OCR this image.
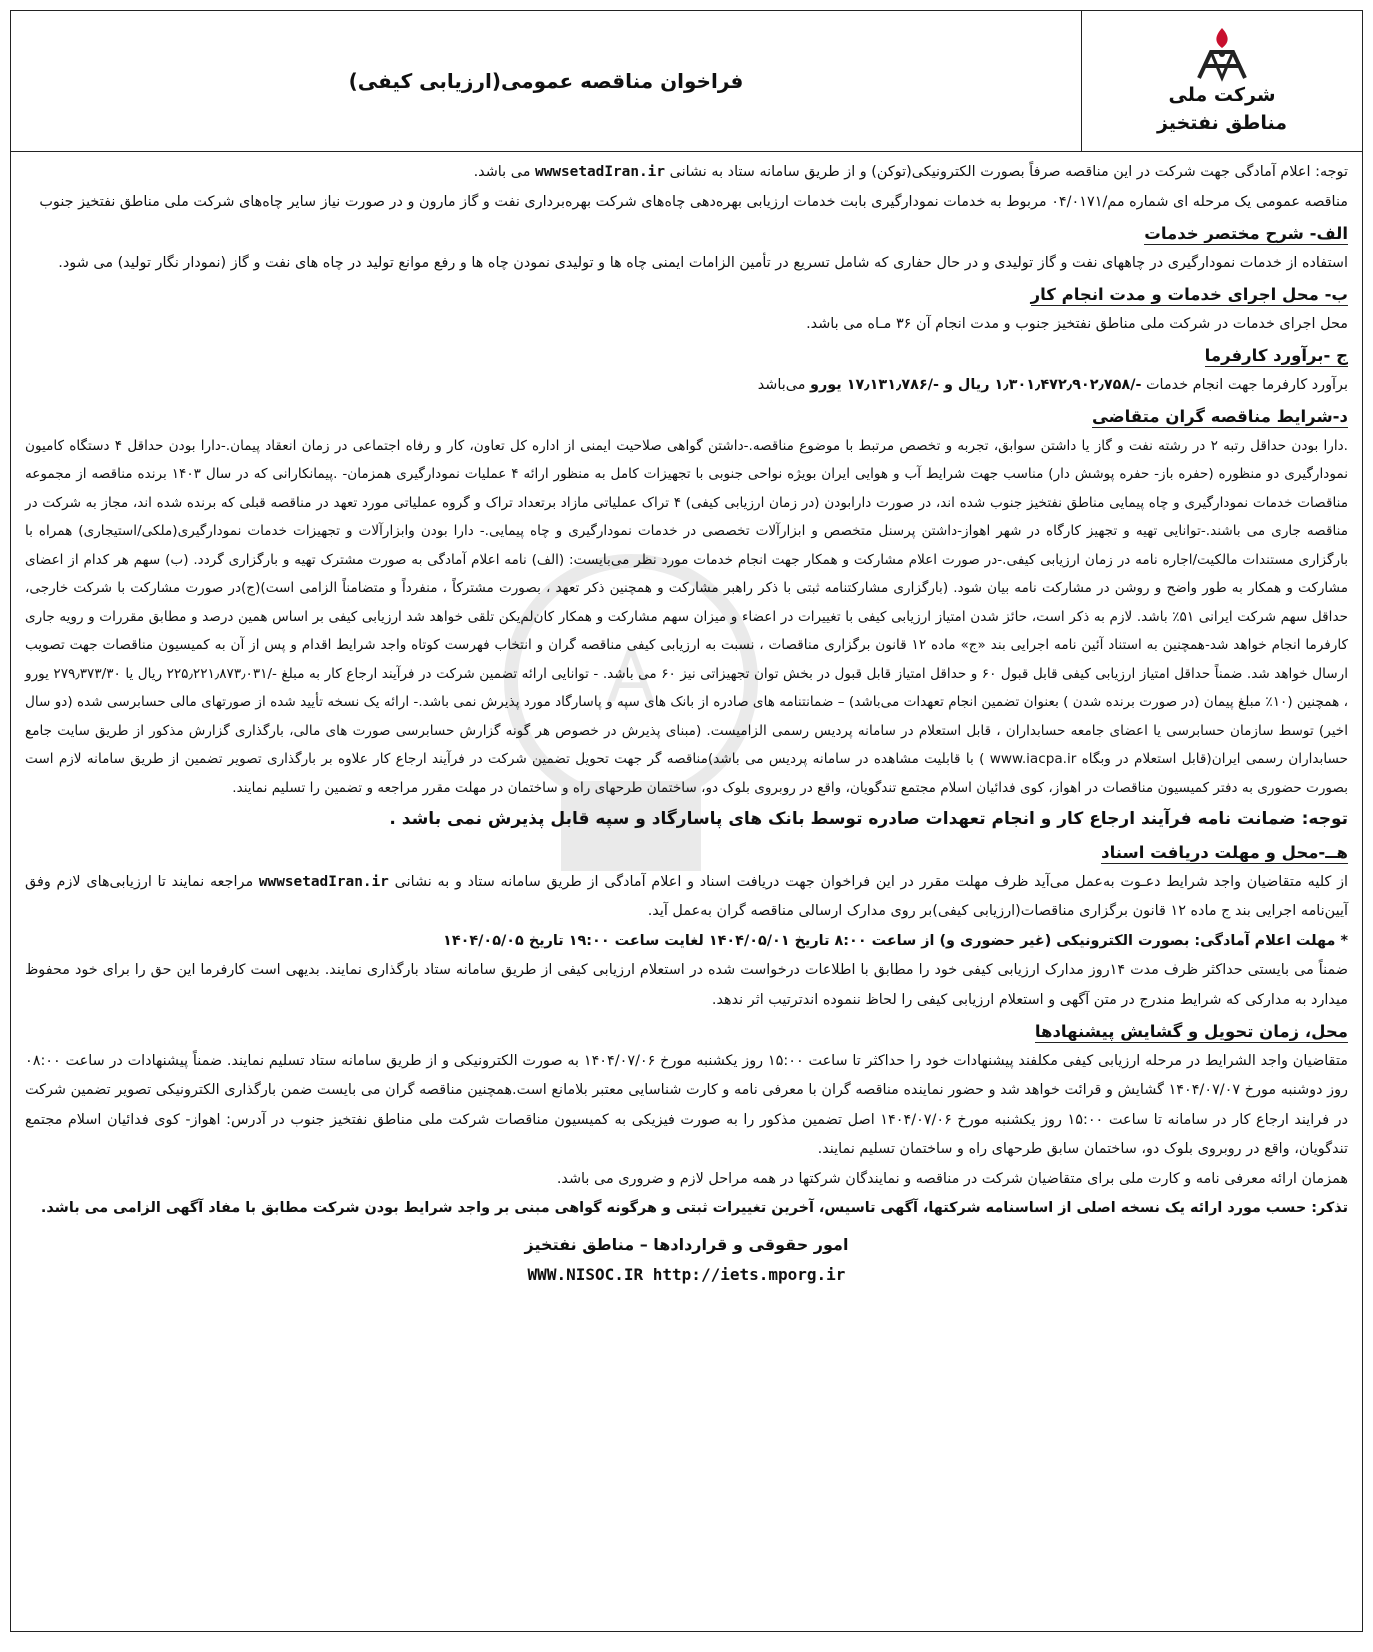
A
شرکت ملی
مناطق نفتخیز
فراخوان مناقصه عمومی(ارزیابی کیفی)

توجه: اعلام آمادگی جهت شرکت در این مناقصه صرفاً بصورت الکترونیکی(توکن) و از طریق سامانه ستاد به نشانی wwwsetadIran.ir می باشد.

مناقصه عمومی یک مرحله ای شماره مم/۰۴/۰۱۷۱ مربوط به خدمات نمودارگیری بابت خدمات ارزیابی بهره‌دهی چاه‌های شرکت بهره‌برداری نفت و گاز مارون و در صورت نیاز سایر چاه‌های شرکت ملی مناطق نفتخیز جنوب

الف- شرح مختصر خدمات

استفاده از خدمات نمودارگیری در چاههای نفت و گاز تولیدی و در حال حفاری که شامل تسریع در تأمین الزامات ایمنی چاه ها و تولیدی نمودن چاه ها و رفع موانع تولید در چاه های نفت و گاز (نمودار نگار تولید) می شود.

ب- محل اجرای خدمات و مدت انجام کار

محل اجرای خدمات در شرکت ملی مناطق نفتخیز جنوب و مدت انجام آن ۳۶ مـاه می باشد.

ج -برآورد کارفرما

برآورد کارفرما جهت انجام خدمات -/۱٫۳۰۱٫۴۷۲٫۹۰۲٫۷۵۸ ریال و -/۱۷٫۱۳۱٫۷۸۶ یورو می‌باشد

د-شرایط مناقصه گران متقاضی

.دارا بودن حداقل رتبه ۲ در رشته نفت و گاز یا داشتن سوابق، تجربه و تخصص مرتبط با موضوع مناقصه.-داشتن گواهی صلاحیت ایمنی از اداره کل تعاون، کار و رفاه اجتماعی در زمان انعقاد پیمان.-دارا بودن حداقل ۴ دستگاه کامیون نمودارگیری دو منظوره (حفره باز- حفره پوشش دار) مناسب جهت شرایط آب و هوایی ایران بویژه نواحی جنوبی با تجهیزات کامل به منظور ارائه ۴ عملیات نمودارگیری همزمان- .پیمانکارانی که در سال ۱۴۰۳ برنده مناقصه از مجموعه مناقصات خدمات نمودارگیری و چاه پیمایی مناطق نفتخیز جنوب شده اند، در صورت دارابودن (در زمان ارزیابی کیفی) ۴ تراک عملیاتی مازاد برتعداد تراک و گروه عملیاتی مورد تعهد در مناقصه قبلی که برنده شده اند، مجاز به شرکت در مناقصه جاری می باشند.-توانایی تهیه و تجهیز کارگاه در شهر اهواز-داشتن پرسنل متخصص و ابزارآلات تخصصی در خدمات نمودارگیری و چاه پیمایی.- دارا بودن وابزارآلات و تجهیزات خدمات نمودارگیری(ملکی/استیجاری) همراه با بارگزاری مستندات مالکیت/اجاره نامه در زمان ارزیابی کیفی.-در صورت اعلام مشارکت و همکار جهت انجام خدمات مورد نظر می‌بایست: (الف) نامه اعلام آمادگی به صورت مشترک تهیه و بارگزاری گردد. (ب) سهم هر کدام از اعضای مشارکت و همکار به طور واضح و روشن در مشارکت نامه بیان شود. (بارگزاری مشارکتنامه ثبتی با ذکر راهبر مشارکت و همچنین ذکر تعهد ، بصورت مشترکاً ، منفرداً و متضامناً الزامی است)(ج)در صورت مشارکت با شرکت خارجی، حداقل سهم شرکت ایرانی ۵۱٪ باشد. لازم به ذکر است، حائز شدن امتیاز ارزیابی کیفی با تغییرات در اعضاء و میزان سهم مشارکت و همکار کان‌لم‌یکن تلقی خواهد شد ارزیابی کیفی بر اساس همین درصد و مطابق مقررات و رویه جاری کارفرما انجام خواهد شد-همچنین به استناد آئین نامه اجرایی بند «ج» ماده ۱۲ قانون برگزاری مناقصات ، نسبت به ارزیابی کیفی مناقصه گران و انتخاب فهرست کوتاه واجد شرایط اقدام و پس از آن به کمیسیون مناقصات جهت تصویب ارسال خواهد شد. ضمناً حداقل امتیاز ارزیابی کیفی قابل قبول ۶۰ و حداقل امتیاز قابل قبول در بخش توان تجهیزاتی نیز ۶۰ می باشد. - توانایی ارائه تضمین شرکت در فرآیند ارجاع کار به مبلغ -/۲۲۵٫۲۲۱٫۸۷۳٫۰۳۱ ریال یا ۲۷۹٫۳۷۳/۳۰ یورو ، همچنین (۱۰٪ مبلغ پیمان (در صورت برنده شدن ) بعنوان تضمین انجام تعهدات می‌باشد) – ضمانتنامه های صادره از بانک های سپه و پاسارگاد مورد پذیرش نمی باشد.- ارائه یک نسخه تأیید شده از صورتهای مالی حسابرسی شده (دو سال اخیر) توسط سازمان حسابرسی یا اعضای جامعه حسابداران ، قابل استعلام در سامانه پردیس رسمی الزامیست. (مبنای پذیرش در خصوص هر گونه گزارش حسابرسی صورت های مالی، بارگذاری گزارش مذکور از طریق سایت جامع حسابداران رسمی ایران(قابل استعلام در وبگاه www.iacpa.ir ) با قابلیت مشاهده در سامانه پردیس می باشد)مناقصه گر جهت تحویل تضمین شرکت در فرآیند ارجاع کار علاوه بر بارگذاری تصویر تضمین از طریق سامانه لازم است بصورت حضوری به دفتر کمیسیون مناقصات در اهواز، کوی فدائیان اسلام مجتمع تندگویان، واقع در روبروی بلوک دو، ساختمان طرحهای راه و ساختمان در مهلت مقرر مراجعه و تضمین را تسلیم نمایند.

توجه: ضمانت نامه فرآیند ارجاع کار و انجام تعهدات صادره توسط بانک های پاسارگاد و سپه قابل پذیرش نمی باشد .

هــ-محل و مهلت دریافت اسناد

از کلیه متقاضیان واجد شرایط دعـوت به‌عمل می‌آید ظرف مهلت مقرر در این فراخوان جهت دریافت اسناد و اعلام آمادگی از طریق سامانه ستاد و به نشانی wwwsetadIran.ir مراجعه نمایند تا ارزیابی‌های لازم وفق آیین‌نامه اجرایی بند ج ماده ۱۲ قانون برگزاری مناقصات(ارزیابی کیفی)بر روی مدارک ارسالی مناقصه گران به‌عمل آید.

* مهلت اعلام آمادگی: بصورت الکترونیکی (غیر حضوری و) از ساعت ۸:۰۰ تاریخ ۱۴۰۴/۰۵/۰۱ لغایت ساعت ۱۹:۰۰ تاریخ ۱۴۰۴/۰۵/۰۵

ضمناً می بایستی حداکثر ظرف مدت ۱۴روز مدارک ارزیابی کیفی خود را مطابق با اطلاعات درخواست شده در استعلام ارزیابی کیفی از طریق سامانه ستاد بارگذاری نمایند. بدیهی است کارفرما این حق را برای خود محفوظ میدارد به مدارکی که شرایط مندرج در متن آگهی و استعلام ارزیابی کیفی را لحاظ ننموده اندترتیب اثر ندهد.

محل، زمان تحویل و گشایش پیشنهادها

متقاضیان واجد الشرایط در مرحله ارزیابی کیفی مکلفند پیشنهادات خود را حداکثر تا ساعت ۱۵:۰۰ روز یکشنبه مورخ ۱۴۰۴/۰۷/۰۶ به صورت الکترونیکی و از طریق سامانه ستاد تسلیم نمایند. ضمناً پیشنهادات در ساعت ۰۸:۰۰ روز دوشنبه مورخ ۱۴۰۴/۰۷/۰۷ گشایش و قرائت خواهد شد و حضور نماینده مناقصه گران با معرفی نامه و کارت شناسایی معتبر بلامانع است.همچنین مناقصه گران می بایست ضمن بارگذاری الکترونیکی تصویر تضمین شرکت در فرایند ارجاع کار در سامانه تا ساعت ۱۵:۰۰ روز یکشنبه مورخ ۱۴۰۴/۰۷/۰۶ اصل تضمین مذکور را به صورت فیزیکی به کمیسیون مناقصات شرکت ملی مناطق نفتخیز جنوب در آدرس: اهواز- کوی فدائیان اسلام مجتمع تندگویان، واقع در روبروی بلوک دو، ساختمان سابق طرحهای راه و ساختمان تسلیم نمایند.

همزمان ارائه معرفی نامه و کارت ملی برای متقاضیان شرکت در مناقصه و نمایندگان شرکتها در همه مراحل لازم و ضروری می باشد.

تذکر: حسب مورد ارائه یک نسخه اصلی از اساسنامه شرکتها، آگهی تاسیس، آخرین تغییرات ثبتی و هرگونه گواهی مبنی بر واجد شرایط بودن شرکت مطابق با مفاد آگهی الزامی می باشد.

امور حقوقی و قراردادها – مناطق نفتخیز
WWW.NISOC.IR http://iets.mporg.ir
